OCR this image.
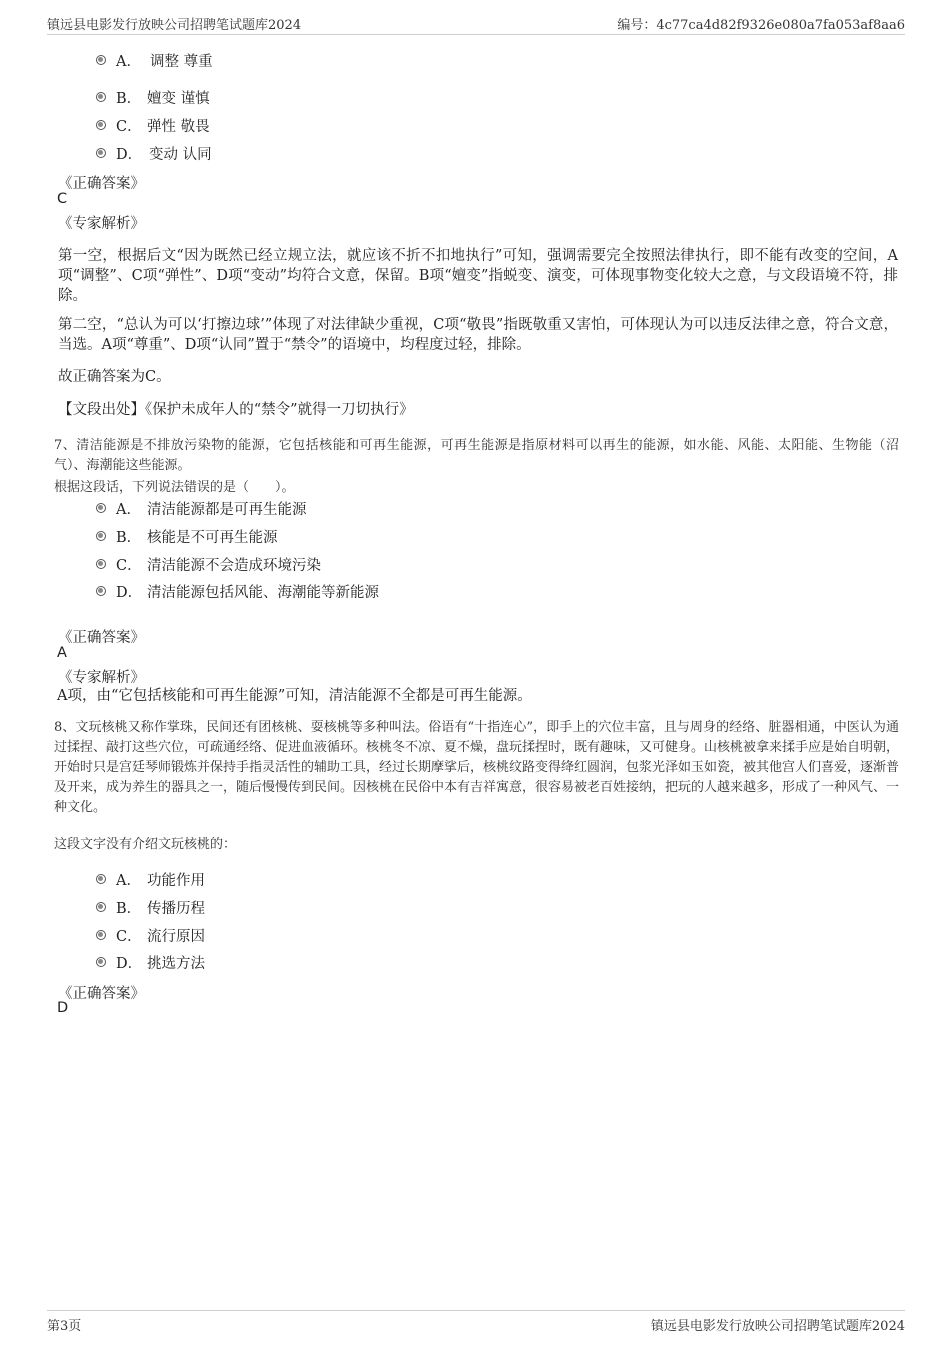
镇远县电影发行放映公司招聘笔试题库2024	编号：4c77ca4d82f9326e080a7fa053af8aa6
A． 调整 尊重
B． 嬗变 谨慎
C． 弹性 敬畏
D． 变动 认同
《正确答案》
C
《专家解析》
第一空，根据后文“因为既然已经立规立法，就应该不折不扣地执行”可知，强调需要完全按照法律执行，即不能有改变的空间，A项“调整”、C项“弹性”、D项“变动”均符合文意，保留。B项“嬗变”指蜕变、演变，可体现事物变化较大之意，与文段语境不符，排除。
第二空，“总认为可以‘打擦边球’”体现了对法律缺少重视，C项“敬畏”指既敬重又害怕，可体现认为可以违反法律之意，符合文意，当选。A项“尊重”、D项“认同”置于“禁令”的语境中，均程度过轻，排除。
故正确答案为C。
【文段出处】《保护未成年人的“禁令”就得一刀切执行》
7、清洁能源是不排放污染物的能源，它包括核能和可再生能源，可再生能源是指原材料可以再生的能源，如水能、风能、太阳能、生物能（沼气）、海潮能这些能源。
根据这段话，下列说法错误的是（　　）。
A． 清洁能源都是可再生能源
B． 核能是不可再生能源
C． 清洁能源不会造成环境污染
D． 清洁能源包括风能、海潮能等新能源
《正确答案》
A
《专家解析》
A项，由“它包括核能和可再生能源”可知，清洁能源不全都是可再生能源。
8、文玩核桃又称作掌珠，民间还有团核桃、耍核桃等多种叫法。俗语有“十指连心”，即手上的穴位丰富，且与周身的经络、脏器相通，中医认为通过揉捏、敲打这些穴位，可疏通经络、促进血液循环。核桃冬不凉、夏不燥，盘玩揉捏时，既有趣味，又可健身。山核桃被拿来揉手应是始自明朝，开始时只是宫廷琴师锻炼并保持手指灵活性的辅助工具，经过长期摩挲后，核桃纹路变得绛红圆润，包浆光泽如玉如瓷，被其他宫人们喜爱，逐渐普及开来，成为养生的器具之一，随后慢慢传到民间。因核桃在民俗中本有吉祥寓意，很容易被老百姓接纳，把玩的人越来越多，形成了一种风气、一种文化。
这段文字没有介绍文玩核桃的：
A． 功能作用
B． 传播历程
C． 流行原因
D． 挑选方法
《正确答案》
D
第3页	镇远县电影发行放映公司招聘笔试题库2024
